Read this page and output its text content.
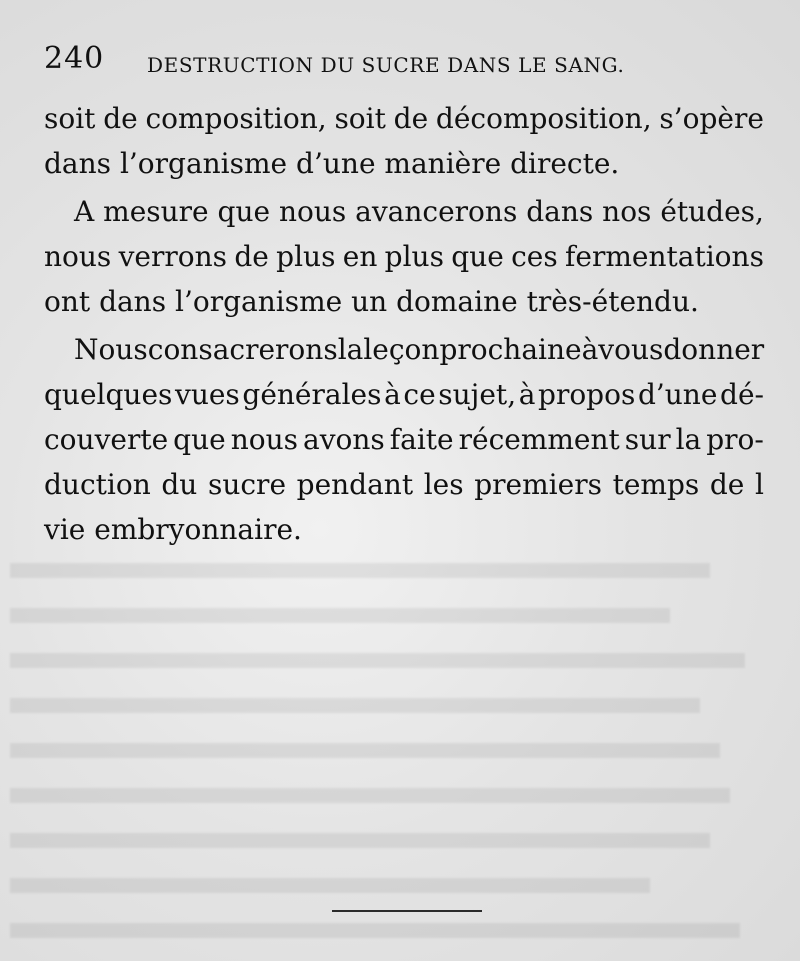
240 DESTRUCTION DU SUCRE DANS LE SANG.
soit de composition, soit de décomposition, s’opère
dans
l’organisme
d’une
manière
directe.
A mesure que nous avancerons dans nos études,
nous verrons de plus en plus que ces fermentations
ont
dans
l’organisme
un
domaine
très-étendu.
Nous consacrerons la leçon prochaine à vous donner
quelques vues générales à ce sujet, à propos d’une dé-
couverte que nous avons faite récemment sur la pro-
duction du sucre pendant les premiers temps de l
vie
embryonnaire.
